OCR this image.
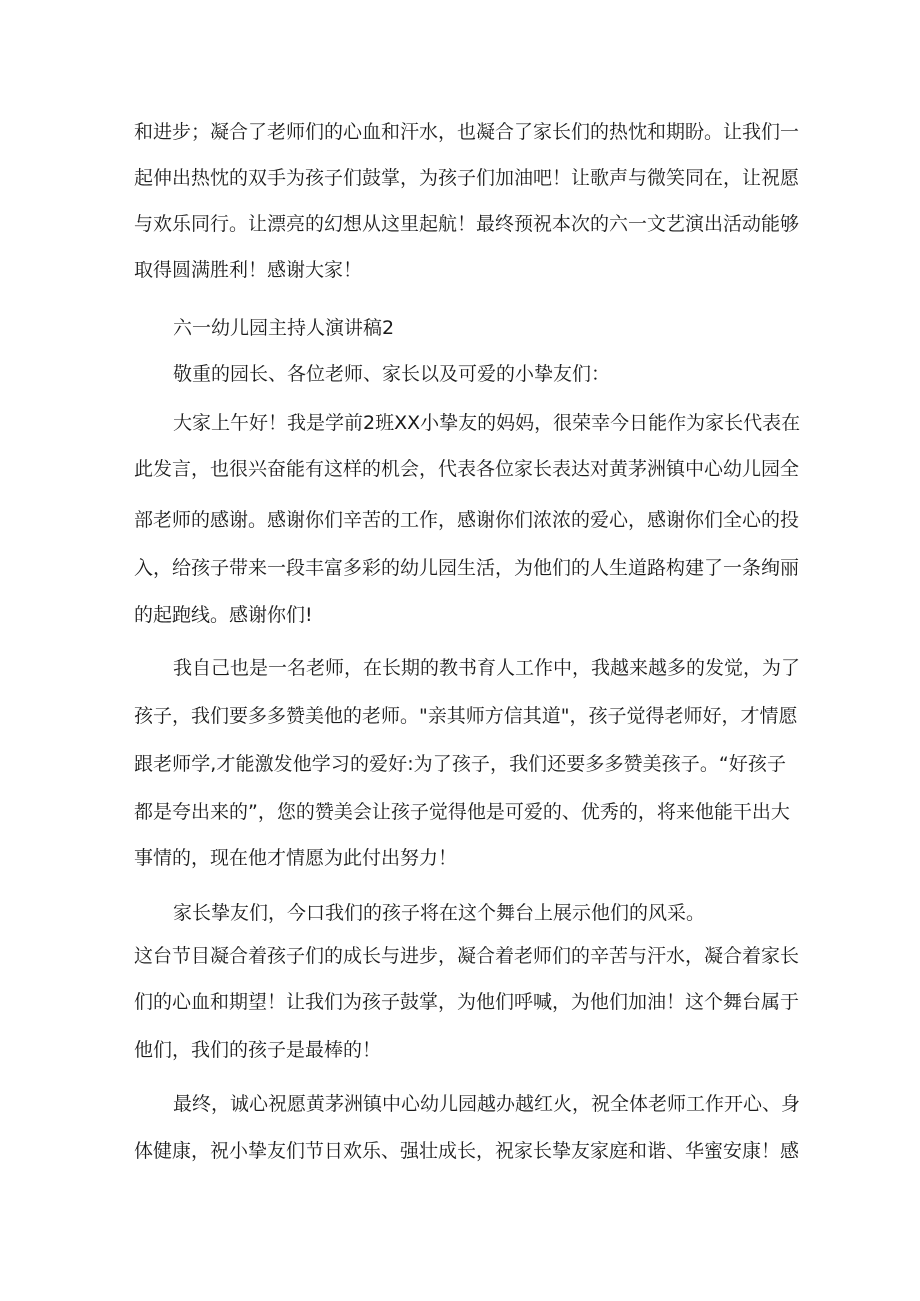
和进步；凝合了老师们的心血和汗水，也凝合了家长们的热忱和期盼。让我们一

起伸出热忱的双手为孩子们鼓掌，为孩子们加油吧！让歌声与微笑同在，让祝愿

与欢乐同行。让漂亮的幻想从这里起航！最终预祝本次的六一文艺演出活动能够

取得圆满胜利！感谢大家！

六一幼儿园主持人演讲稿2

敬重的园长、各位老师、家长以及可爱的小挚友们：

大家上午好！我是学前2班XX小挚友的妈妈，很荣幸今日能作为家长代表在

此发言，也很兴奋能有这样的机会，代表各位家长表达对黄茅洲镇中心幼儿园全

部老师的感谢。感谢你们辛苦的工作，感谢你们浓浓的爱心，感谢你们全心的投

入，给孩子带来一段丰富多彩的幼儿园生活，为他们的人生道路构建了一条绚丽

的起跑线。感谢你们!

我自己也是一名老师，在长期的教书育人工作中，我越来越多的发觉，为了

孩子，我们要多多赞美他的老师。"亲其师方信其道"，孩子觉得老师好，才情愿

跟老师学,才能激发他学习的爱好:为了孩子，我们还要多多赞美孩子。“好孩子

都是夸出来的”，您的赞美会让孩子觉得他是可爱的、优秀的，将来他能干出大

事情的，现在他才情愿为此付出努力！

家长挚友们，今口我们的孩子将在这个舞台上展示他们的风采。

这台节目凝合着孩子们的成长与进步，凝合着老师们的辛苦与汗水，凝合着家长

们的心血和期望！让我们为孩子鼓掌，为他们呼喊，为他们加油！这个舞台属于

他们，我们的孩子是最棒的！

最终，诚心祝愿黄茅洲镇中心幼儿园越办越红火，祝全体老师工作开心、身

体健康，祝小挚友们节日欢乐、强壮成长，祝家长挚友家庭和谐、华蜜安康！感
